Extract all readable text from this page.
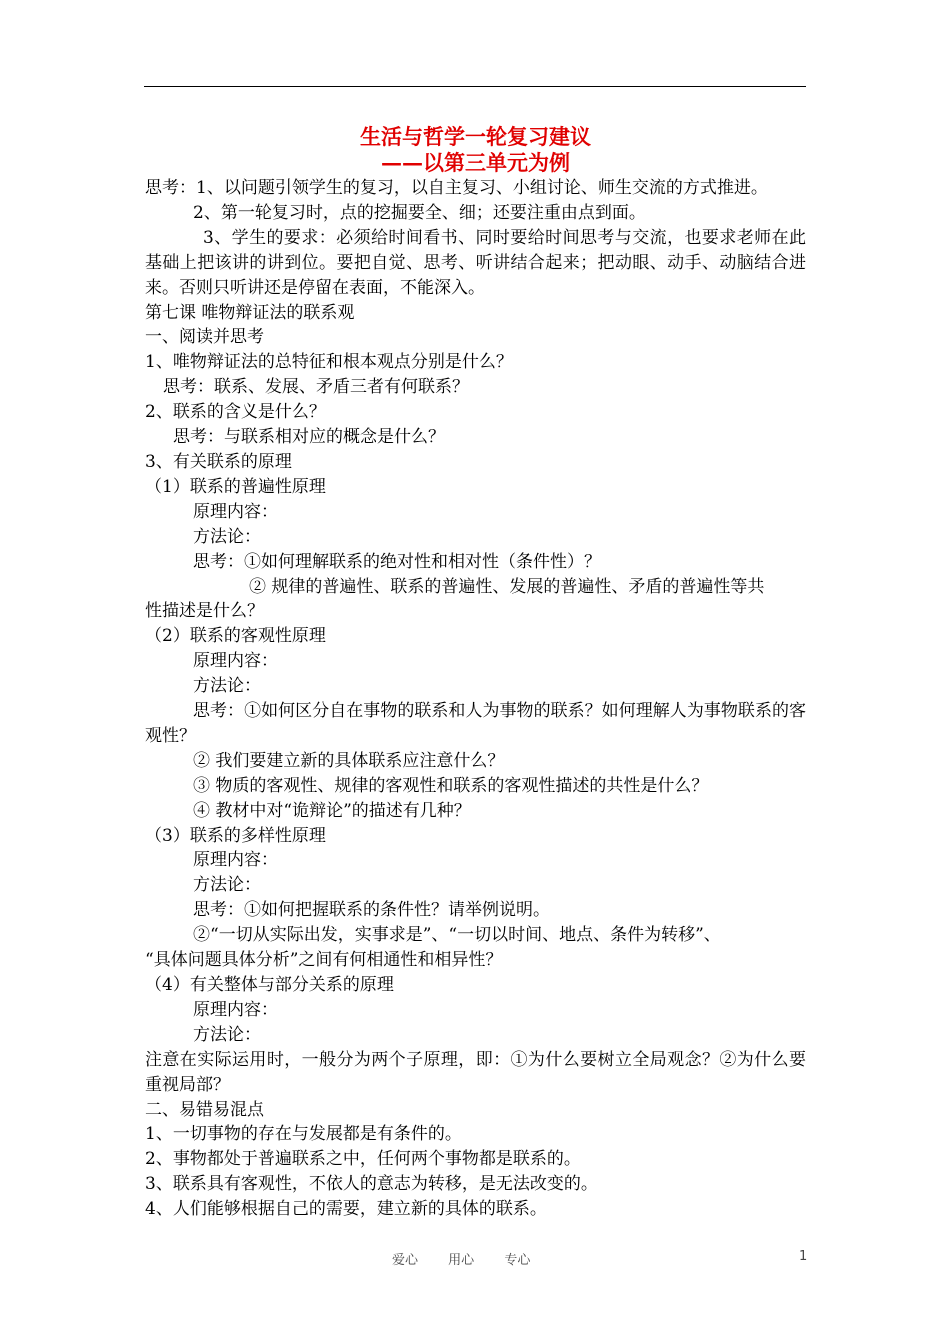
生活与哲学一轮复习建议
——以第三单元为例
思考：1、以问题引领学生的复习，以自主复习、小组讨论、师生交流的方式推进。
2、第一轮复习时，点的挖掘要全、细；还要注重由点到面。
3、学生的要求：必须给时间看书、同时要给时间思考与交流，也要求老师在此基础上把该讲的讲到位。要把自觉、思考、听讲结合起来；把动眼、动手、动脑结合进来。否则只听讲还是停留在表面，不能深入。
第七课 唯物辩证法的联系观
一、阅读并思考
1、唯物辩证法的总特征和根本观点分别是什么？
思考：联系、发展、矛盾三者有何联系？
2、联系的含义是什么？
思考：与联系相对应的概念是什么？
3、有关联系的原理
（1）联系的普遍性原理
原理内容：
方法论：
思考：①如何理解联系的绝对性和相对性（条件性）？
② 规律的普遍性、联系的普遍性、发展的普遍性、矛盾的普遍性等共
性描述是什么？
（2）联系的客观性原理
原理内容：
方法论：
思考：①如何区分自在事物的联系和人为事物的联系？如何理解人为事物联系的客观性？
② 我们要建立新的具体联系应注意什么？
③ 物质的客观性、规律的客观性和联系的客观性描述的共性是什么？
④ 教材中对“诡辩论”的描述有几种？
（3）联系的多样性原理
原理内容：
方法论：
思考：①如何把握联系的条件性？请举例说明。
②“一切从实际出发，实事求是”、“一切以时间、地点、条件为转移”、
“具体问题具体分析”之间有何相通性和相异性？
（4）有关整体与部分关系的原理
原理内容：
方法论：
注意在实际运用时，一般分为两个子原理，即：①为什么要树立全局观念？②为什么要重视局部？
二、易错易混点
1、一切事物的存在与发展都是有条件的。
2、事物都处于普遍联系之中，任何两个事物都是联系的。
3、联系具有客观性，不依人的意志为转移，是无法改变的。
4、人们能够根据自己的需要，建立新的具体的联系。
爱心 用心 专心	1
